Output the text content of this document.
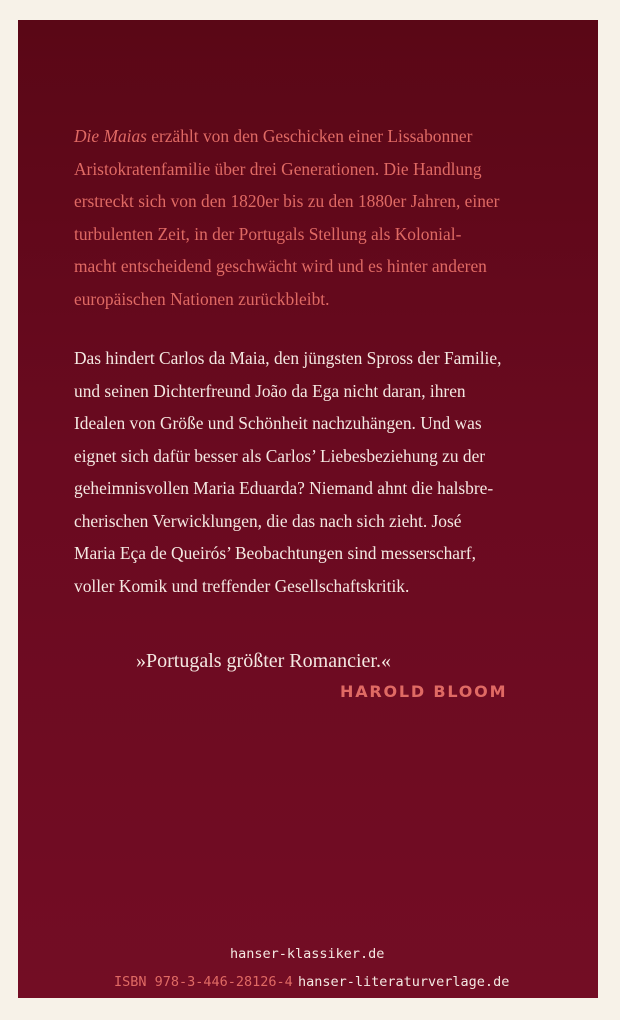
Die Maias erzählt von den Geschicken einer Lissabonner
Aristokratenfamilie über drei Generationen. Die Handlung
erstreckt sich von den 1820er bis zu den 1880er Jahren, einer
turbulenten Zeit, in der Portugals Stellung als Kolonial-
macht entscheidend geschwächt wird und es hinter anderen
europäischen Nationen zurückbleibt.

Das hindert Carlos da Maia, den jüngsten Spross der Familie,
und seinen Dichterfreund João da Ega nicht daran, ihren
Idealen von Größe und Schönheit nachzuhängen. Und was
eignet sich dafür besser als Carlos’ Liebesbeziehung zu der
geheimnisvollen Maria Eduarda? Niemand ahnt die halsbre-
cherischen Verwicklungen, die das nach sich zieht. José
Maria Eça de Queirós’ Beobachtungen sind messerscharf,
voller Komik und treffender Gesellschaftskritik.

»Portugals größter Romancier.«

HAROLD BLOOM

hanser-klassiker.de

ISBN 978-3-446-28126-4 hanser-literaturverlage.de
